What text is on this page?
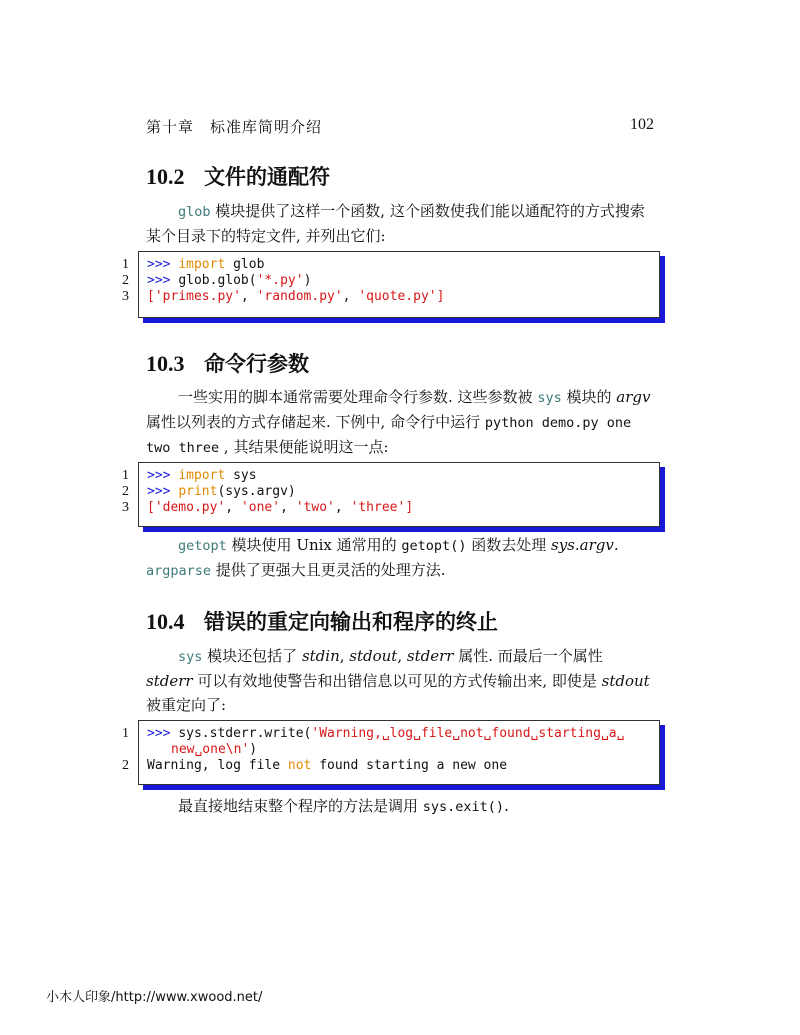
第十章　标准库简明介绍	102
10.2 文件的通配符
glob 模块提供了这样一个函数, 这个函数使我们能以通配符的方式搜索某个目录下的特定文件, 并列出它们:
1 >>> import glob
2 >>> glob.glob('*.py')
3 ['primes.py', 'random.py', 'quote.py']
10.3 命令行参数
一些实用的脚本通常需要处理命令行参数. 这些参数被 sys 模块的 argv 属性以列表的方式存储起来. 下例中, 命令行中运行 python demo.py one two three , 其结果便能说明这一点:
1 >>> import sys
2 >>> print(sys.argv)
3 ['demo.py', 'one', 'two', 'three']
getopt 模块使用 Unix 通常用的 getopt() 函数去处理 sys.argv. argparse 提供了更强大且更灵活的处理方法.
10.4 错误的重定向输出和程序的终止
sys 模块还包括了 stdin, stdout, stderr 属性. 而最后一个属性 stderr 可以有效地使警告和出错信息以可见的方式传输出来, 即使是 stdout 被重定向了:
1 >>> sys.stderr.write('Warning,␣log␣file␣not␣found␣starting␣a␣
new␣one\n')
2 Warning, log file not found starting a new one
最直接地结束整个程序的方法是调用 sys.exit().
小木人印象/http://www.xwood.net/
